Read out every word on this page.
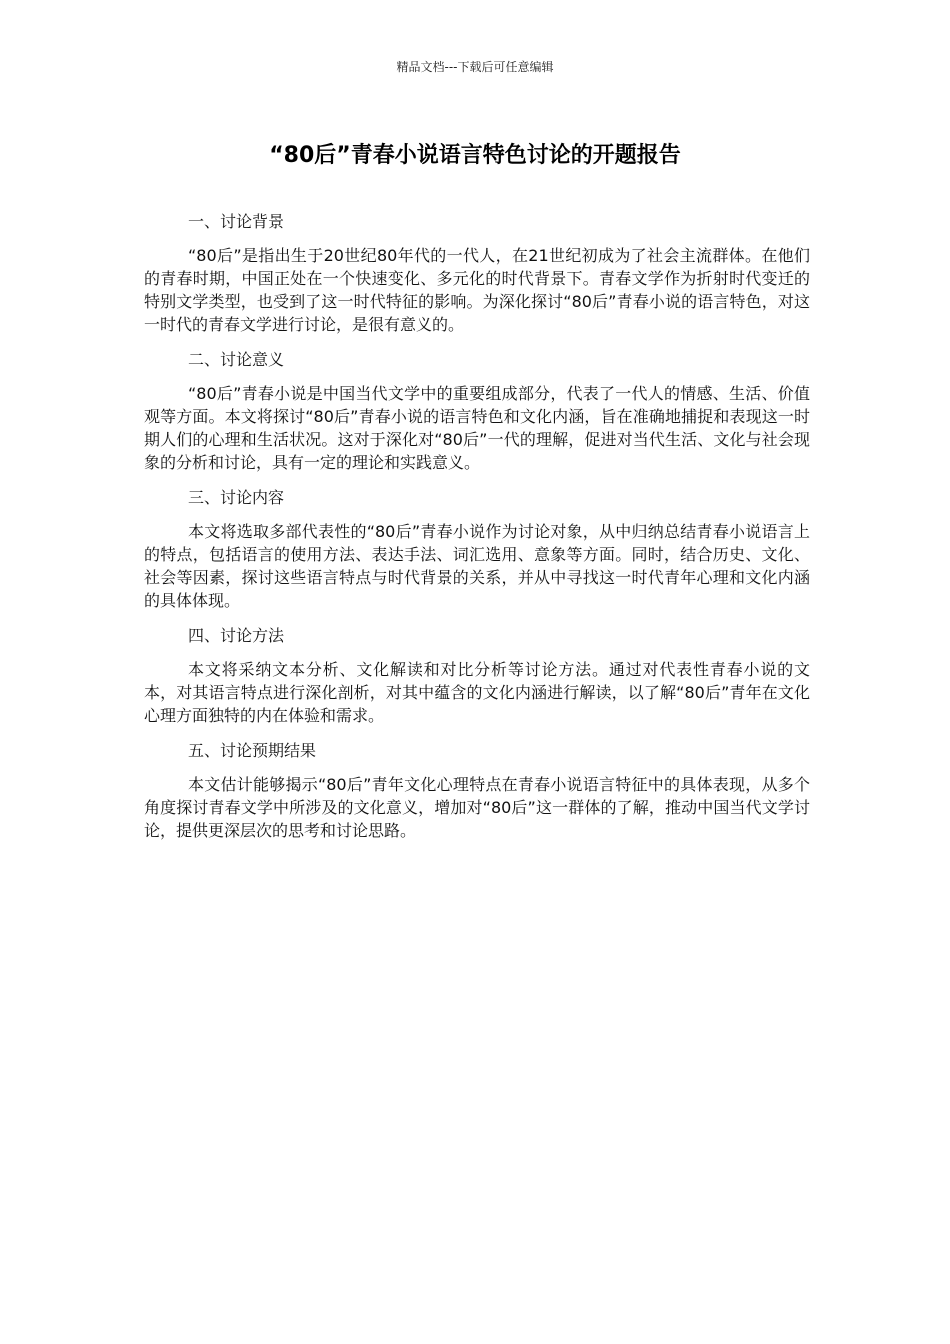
精品文档---下载后可任意编辑
“80后”青春小说语言特色讨论的开题报告

一、讨论背景

“80后”是指出生于20世纪80年代的一代人，在21世纪初成为了社会主流群体。在他们的青春时期，中国正处在一个快速变化、多元化的时代背景下。青春文学作为折射时代变迁的特别文学类型，也受到了这一时代特征的影响。为深化探讨“80后”青春小说的语言特色，对这一时代的青春文学进行讨论，是很有意义的。

二、讨论意义

“80后”青春小说是中国当代文学中的重要组成部分，代表了一代人的情感、生活、价值观等方面。本文将探讨“80后”青春小说的语言特色和文化内涵，旨在准确地捕捉和表现这一时期人们的心理和生活状况。这对于深化对“80后”一代的理解，促进对当代生活、文化与社会现象的分析和讨论，具有一定的理论和实践意义。

三、讨论内容

本文将选取多部代表性的“80后”青春小说作为讨论对象，从中归纳总结青春小说语言上的特点，包括语言的使用方法、表达手法、词汇选用、意象等方面。同时，结合历史、文化、社会等因素，探讨这些语言特点与时代背景的关系，并从中寻找这一时代青年心理和文化内涵的具体体现。

四、讨论方法

本文将采纳文本分析、文化解读和对比分析等讨论方法。通过对代表性青春小说的文本，对其语言特点进行深化剖析，对其中蕴含的文化内涵进行解读，以了解“80后”青年在文化心理方面独特的内在体验和需求。

五、讨论预期结果

本文估计能够揭示“80后”青年文化心理特点在青春小说语言特征中的具体表现，从多个角度探讨青春文学中所涉及的文化意义，增加对“80后”这一群体的了解，推动中国当代文学讨论，提供更深层次的思考和讨论思路。
